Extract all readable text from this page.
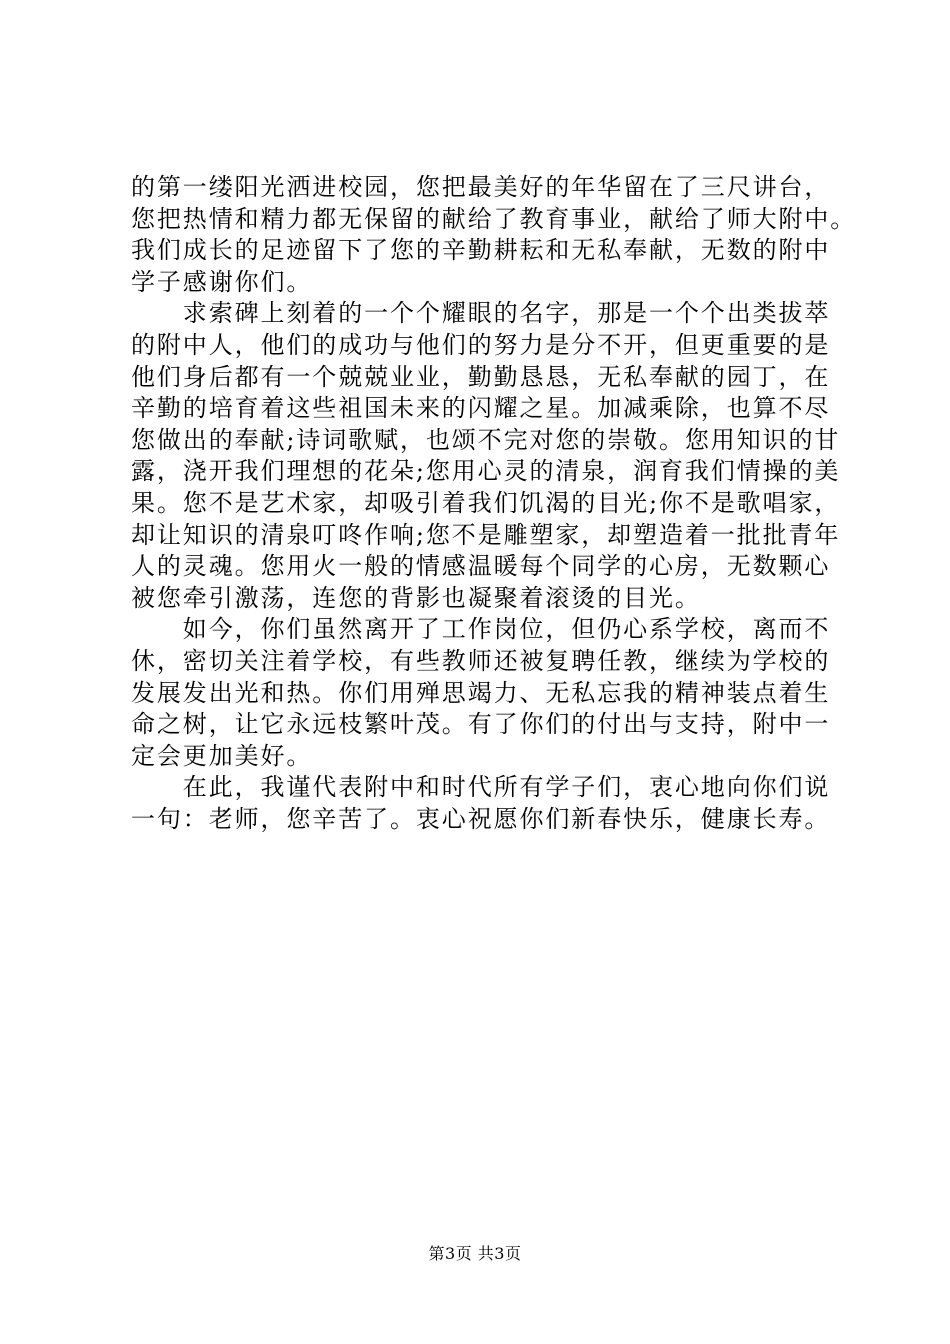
的第一缕阳光洒进校园，您把最美好的年华留在了三尺讲台，
您把热情和精力都无保留的献给了教育事业，献给了师大附中。
我们成长的足迹留下了您的辛勤耕耘和无私奉献，无数的附中
学子感谢你们。
　　求索碑上刻着的一个个耀眼的名字，那是一个个出类拔萃
的附中人，他们的成功与他们的努力是分不开，但更重要的是
他们身后都有一个兢兢业业，勤勤恳恳，无私奉献的园丁，在
辛勤的培育着这些祖国未来的闪耀之星。加减乘除，也算不尽
您做出的奉献;诗词歌赋，也颂不完对您的崇敬。您用知识的甘
露，浇开我们理想的花朵;您用心灵的清泉，润育我们情操的美
果。您不是艺术家，却吸引着我们饥渴的目光;你不是歌唱家，
却让知识的清泉叮咚作响;您不是雕塑家，却塑造着一批批青年
人的灵魂。您用火一般的情感温暖每个同学的心房，无数颗心
被您牵引激荡，连您的背影也凝聚着滚烫的目光。
　　如今，你们虽然离开了工作岗位，但仍心系学校，离而不
休，密切关注着学校，有些教师还被复聘任教，继续为学校的
发展发出光和热。你们用殚思竭力、无私忘我的精神装点着生
命之树，让它永远枝繁叶茂。有了你们的付出与支持，附中一
定会更加美好。
　　在此，我谨代表附中和时代所有学子们，衷心地向你们说
一句：老师，您辛苦了。衷心祝愿你们新春快乐，健康长寿。
第3页 共3页
